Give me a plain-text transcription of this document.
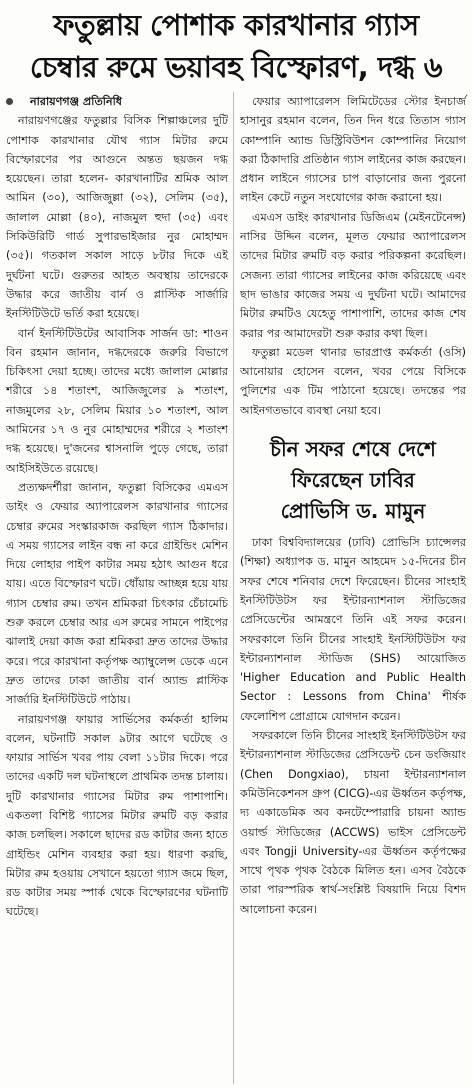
ফতুল্লায় পোশাক কারখানার গ্যাস
চেম্বার রুমে ভয়াবহ বিস্ফোরণ, দগ্ধ ৬

নারায়ণগঞ্জ প্রতিনিধি

নারায়ণগঞ্জের ফতুল্লার বিসিক শিল্পাঞ্চলের দুটি পোশাক কারখানার যৌথ গ্যাস মিটার রুমে বিস্ফোরণের পর আগুনে অন্তত ছয়জন দগ্ধ হয়েছেন। তারা হলেন- কারখানাটির শ্রমিক আল আমিন (৩০), আজিজুল্লা (৩২), সেলিম (৩৫), জালাল মোল্লা (৪০), নাজমুল হুদা (৩৫) এবং সিকিউরিটি গার্ড সুপারভাইজার নুর মোহাম্মদ (৩৫)। গতকাল সকাল সাড়ে ৮টার দিকে এই দুর্ঘটনা ঘটে। গুরুতর আহত অবস্থায় তাদেরকে উদ্ধার করে জাতীয় বার্ন ও প্লাস্টিক সার্জারি ইনস্টিটিউটে ভর্তি করা হয়েছে।

বার্ন ইনস্টিটিউটের আবাসিক সার্জন ডা: শাওন বিন রহমান জানান, দগ্ধদেরকে জরুরি বিভাগে চিকিৎসা দেয়া হচ্ছে। তাদের মধ্যে জালাল মোল্লার শরীরে ১৪ শতাংশ, আজিজুলের ৯ শতাংশ, নাজমুলের ২৮, সেলিম মিয়ার ১০ শতাংশ, আল আমিনের ১৭ ও নুর মোহাম্মদের শরীরে ২ শতাংশ দগ্ধ হয়েছে। দু'জনের শ্বাসনালি পুড়ে গেছে, তারা আইসিইউতে রয়েছে।

প্রত্যক্ষদর্শীরা জানান, ফতুল্লা বিসিকের এমএস ডাইং ও ফেয়ার অ্যাপারেলস কারখানার গ্যাসের চেম্বার রুমের সংস্কারকাজ করছিল গ্যাস ঠিকাদার। এ সময় গ্যাসের লাইন বন্ধ না করে গ্রাইন্ডিং মেশিন দিয়ে লোহার পাইপ কাটার সময় হঠাৎ আগুন ধরে যায়। এতে বিস্ফোরণ ঘটে। ধোঁয়ায় আচ্ছন্ন হয়ে যায় গ্যাস চেম্বার রুম। তখন শ্রমিকরা চিৎকার চেঁচামেচি শুরু করলে চেম্বার আর এস রুমের সামনে পাইপের ঝালাই দেয়া কাজ করা শ্রমিকরা দ্রুত তাদের উদ্ধার করে। পরে কারখানা কর্তৃপক্ষ অ্যাম্বুলেন্স ডেকে এনে দ্রুত তাদের ঢাকা জাতীয় বার্ন অ্যান্ড প্লাস্টিক সার্জারি ইনস্টিটিউটে পাঠায়।

নারায়ণগঞ্জ ফায়ার সার্ভিসের কর্মকর্তা হালিম বলেন, ঘটনাটি সকাল ৯টার আগে ঘটেছে ও ফায়ার সার্ভিস খবর পায় বেলা ১১টার দিকে। পরে তাদের একটি দল ঘটনাস্থলে প্রাথমিক তদন্ত চালায়। দুটি কারখানার গ্যাসের মিটার রুম পাশাপাশি। একতলা বিশিষ্ট গ্যাসের মিটার রুমটি বড় করার কাজ চলছিল। সকালে ছাদের রড কাটার জন্য হাতে গ্রাইন্ডিং মেশিন ব্যবহার করা হয়। ধারণা করছি, মিটার রুম হওয়ায় সেখানে হয়তো গ্যাস জমে ছিল, রড কাটার সময় স্পার্ক থেকে বিস্ফোরণের ঘটনাটি ঘটেছে।

ফেয়ার অ্যাপারেলস লিমিটেডের স্টোর ইনচার্জ হাসানুর রহমান বলেন, তিন দিন ধরে তিতাস গ্যাস কোম্পানি অ্যান্ড ডিস্ট্রিবিউশন কোম্পানির নিয়োগ করা ঠিকাদারি প্রতিষ্ঠান গ্যাস লাইনের কাজ করছেন। প্রধান লাইনে গ্যাসের চাপ বাড়ানোর জন্য পুরনো লাইন কেটে নতুন সংযোগের কাজ করানো হয়।

এমএস ডাইং কারখানার ডিজিএম (মেইনটেনেন্স) নাসির উদ্দিন বলেন, মূলত ফেয়ার অ্যাপারেলস তাদের মিটার রুমটি বড় করার পরিকল্পনা করেছিল। সেজন্য তারা গ্যাসের লাইনের কাজ করিয়েছে এবং ছাদ ভাঙার কাজের সময় এ দুর্ঘটনা ঘটে। আমাদের মিটার রুমটিও যেহেতু পাশাপাশি, তাদের কাজ শেষ করার পর আমাদেরটা শুরু করার কথা ছিল।

ফতুল্লা মডেল থানার ভারপ্রাপ্ত কর্মকর্তা (ওসি) আনোয়ার হোসেন বলেন, খবর পেয়ে বিসিকে পুলিশের এক টিম পাঠানো হয়েছে। তদন্তের পর আইনগতভাবে ব্যবস্থা নেয়া হবে।

চীন সফর শেষে দেশে
ফিরেছেন ঢাবির
প্রোভিসি ড. মামুন

ঢাকা বিশ্ববিদ্যালয়ের (ঢাবি) প্রোভিসি চ্যান্সেলর (শিক্ষা) অধ্যাপক ড. মামুন আহমেদ ১৫-দিনের চীন সফর শেষে শনিবার দেশে ফিরেছেন। চীনের সাংহাই ইনস্টিটিউটস ফর ইন্টারন্যাশনাল স্টাডিজের প্রেসিডেন্টের আমন্ত্রণে তিনি এই সফর করেন। সফরকালে তিনি চীনের সাংহাই ইনস্টিটিউটস ফর ইন্টারন্যাশনাল স্টাডিজ (SHS) আয়োজিত 'Higher Education and Public Health Sector : Lessons from China' শীর্ষক ফেলোশিপ প্রোগ্রামে যোগদান করেন।

সফরকালে তিনি চীনের সাংহাই ইনস্টিটিউটস ফর ইন্টারন্যাশনাল স্টাডিজের প্রেসিডেন্ট চেন ডংজিয়াং (Chen Dongxiao), চায়না ইন্টারন্যাশনাল কমিউনিকেশনস গ্রুপ (CICG)-এর ঊর্ধ্বতন কর্তৃপক্ষ, দ্য একাডেমিক অব কনটেম্পোরারি চায়না অ্যান্ড ওয়ার্ল্ড স্টাডিজের (ACCWS) ভাইস প্রেসিডেন্ট এবং Tongji University-এর ঊর্ধ্বতন কর্তৃপক্ষের সাথে পৃথক পৃথক বৈঠকে মিলিত হন। এসব বৈঠকে তারা পারস্পরিক স্বার্থ-সংশ্লিষ্ট বিষয়াদি নিয়ে বিশদ আলোচনা করেন।
